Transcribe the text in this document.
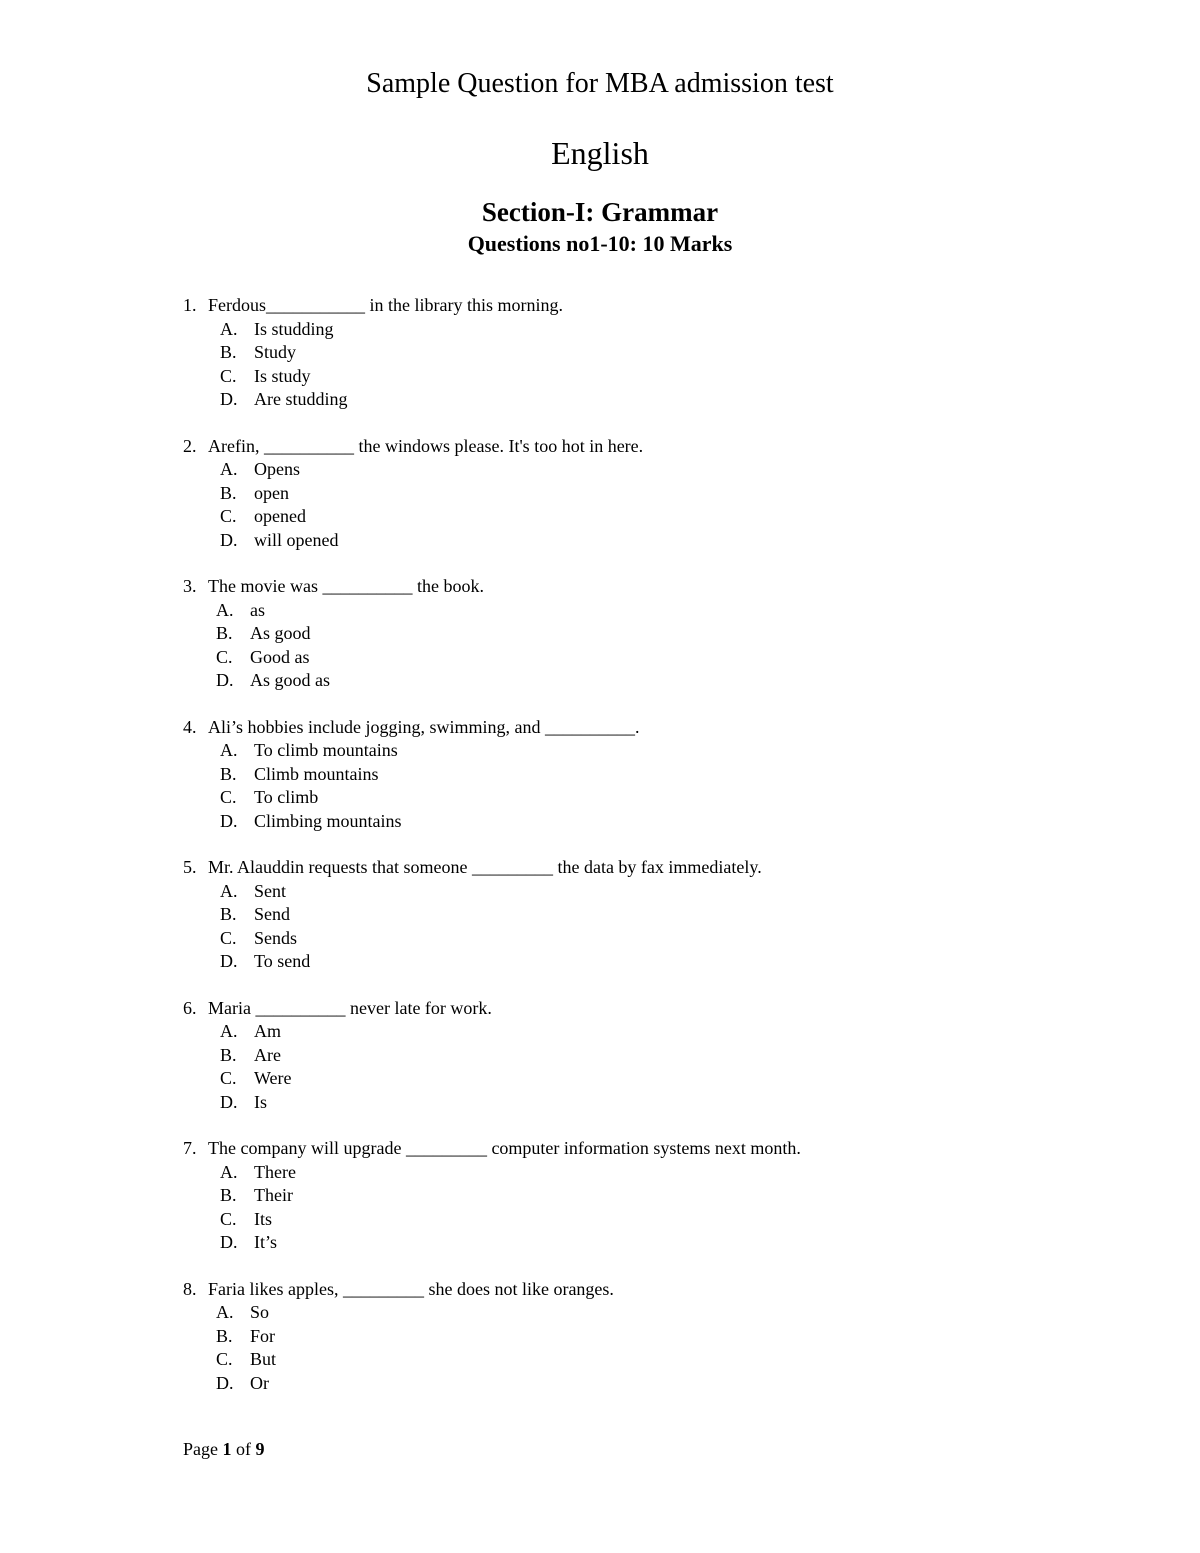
Sample Question for MBA admission test
English
Section-I: Grammar
Questions no1-10: 10 Marks
1. Ferdous___________ in the library this morning.
A. Is studding
B. Study
C. Is study
D. Are studding
2. Arefin, __________ the windows please. It's too hot in here.
A. Opens
B. open
C. opened
D. will opened
3. The movie was __________ the book.
A. as
B. As good
C. Good as
D. As good as
4. Ali’s hobbies include jogging, swimming, and __________.
A. To climb mountains
B. Climb mountains
C. To climb
D. Climbing mountains
5. Mr. Alauddin requests that someone _________ the data by fax immediately.
A. Sent
B. Send
C. Sends
D. To send
6. Maria __________ never late for work.
A. Am
B. Are
C. Were
D. Is
7. The company will upgrade _________ computer information systems next month.
A. There
B. Their
C. Its
D. It’s
8. Faria likes apples, _________ she does not like oranges.
A. So
B. For
C. But
D. Or
Page 1 of 9
